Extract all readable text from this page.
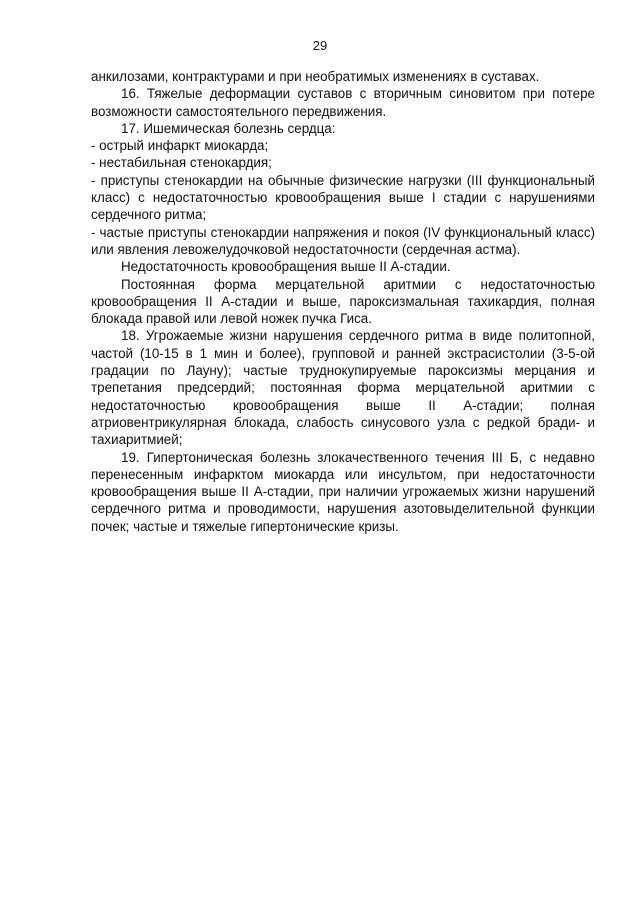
29

анкилозами, контрактурами и при необратимых изменениях в суставах.

16. Тяжелые деформации суставов с вторичным синовитом при потере возможности самостоятельного передвижения.

17. Ишемическая болезнь сердца:

- острый инфаркт миокарда;

- нестабильная стенокардия;

- приступы стенокардии на обычные физические нагрузки (III функциональный класс) с недостаточностью кровообращения выше I стадии с нарушениями сердечного ритма;

- частые приступы стенокардии напряжения и покоя (IV функциональный класс) или явления левожелудочковой недостаточности (сердечная астма).

Недостаточность кровообращения выше II А-стадии.

Постоянная форма мерцательной аритмии с недостаточностью кровообращения II А-стадии и выше, пароксизмальная тахикардия, полная блокада правой или левой ножек пучка Гиса.

18. Угрожаемые жизни нарушения сердечного ритма в виде политопной, частой (10-15 в 1 мин и более), групповой и ранней экстрасистолии (3-5-ой градации по Лауну); частые труднокупируемые пароксизмы мерцания и трепетания предсердий; постоянная форма мерцательной аритмии с недостаточностью кровообращения выше II А-стадии; полная атриовентрикулярная блокада, слабость синусового узла с редкой бради- и тахиаритмией;

19. Гипертоническая болезнь злокачественного течения III Б, с недавно перенесенным инфарктом миокарда или инсультом, при недостаточности кровообращения выше II А-стадии, при наличии угрожаемых жизни нарушений сердечного ритма и проводимости, нарушения азотовыделительной функции почек; частые и тяжелые гипертонические кризы.
